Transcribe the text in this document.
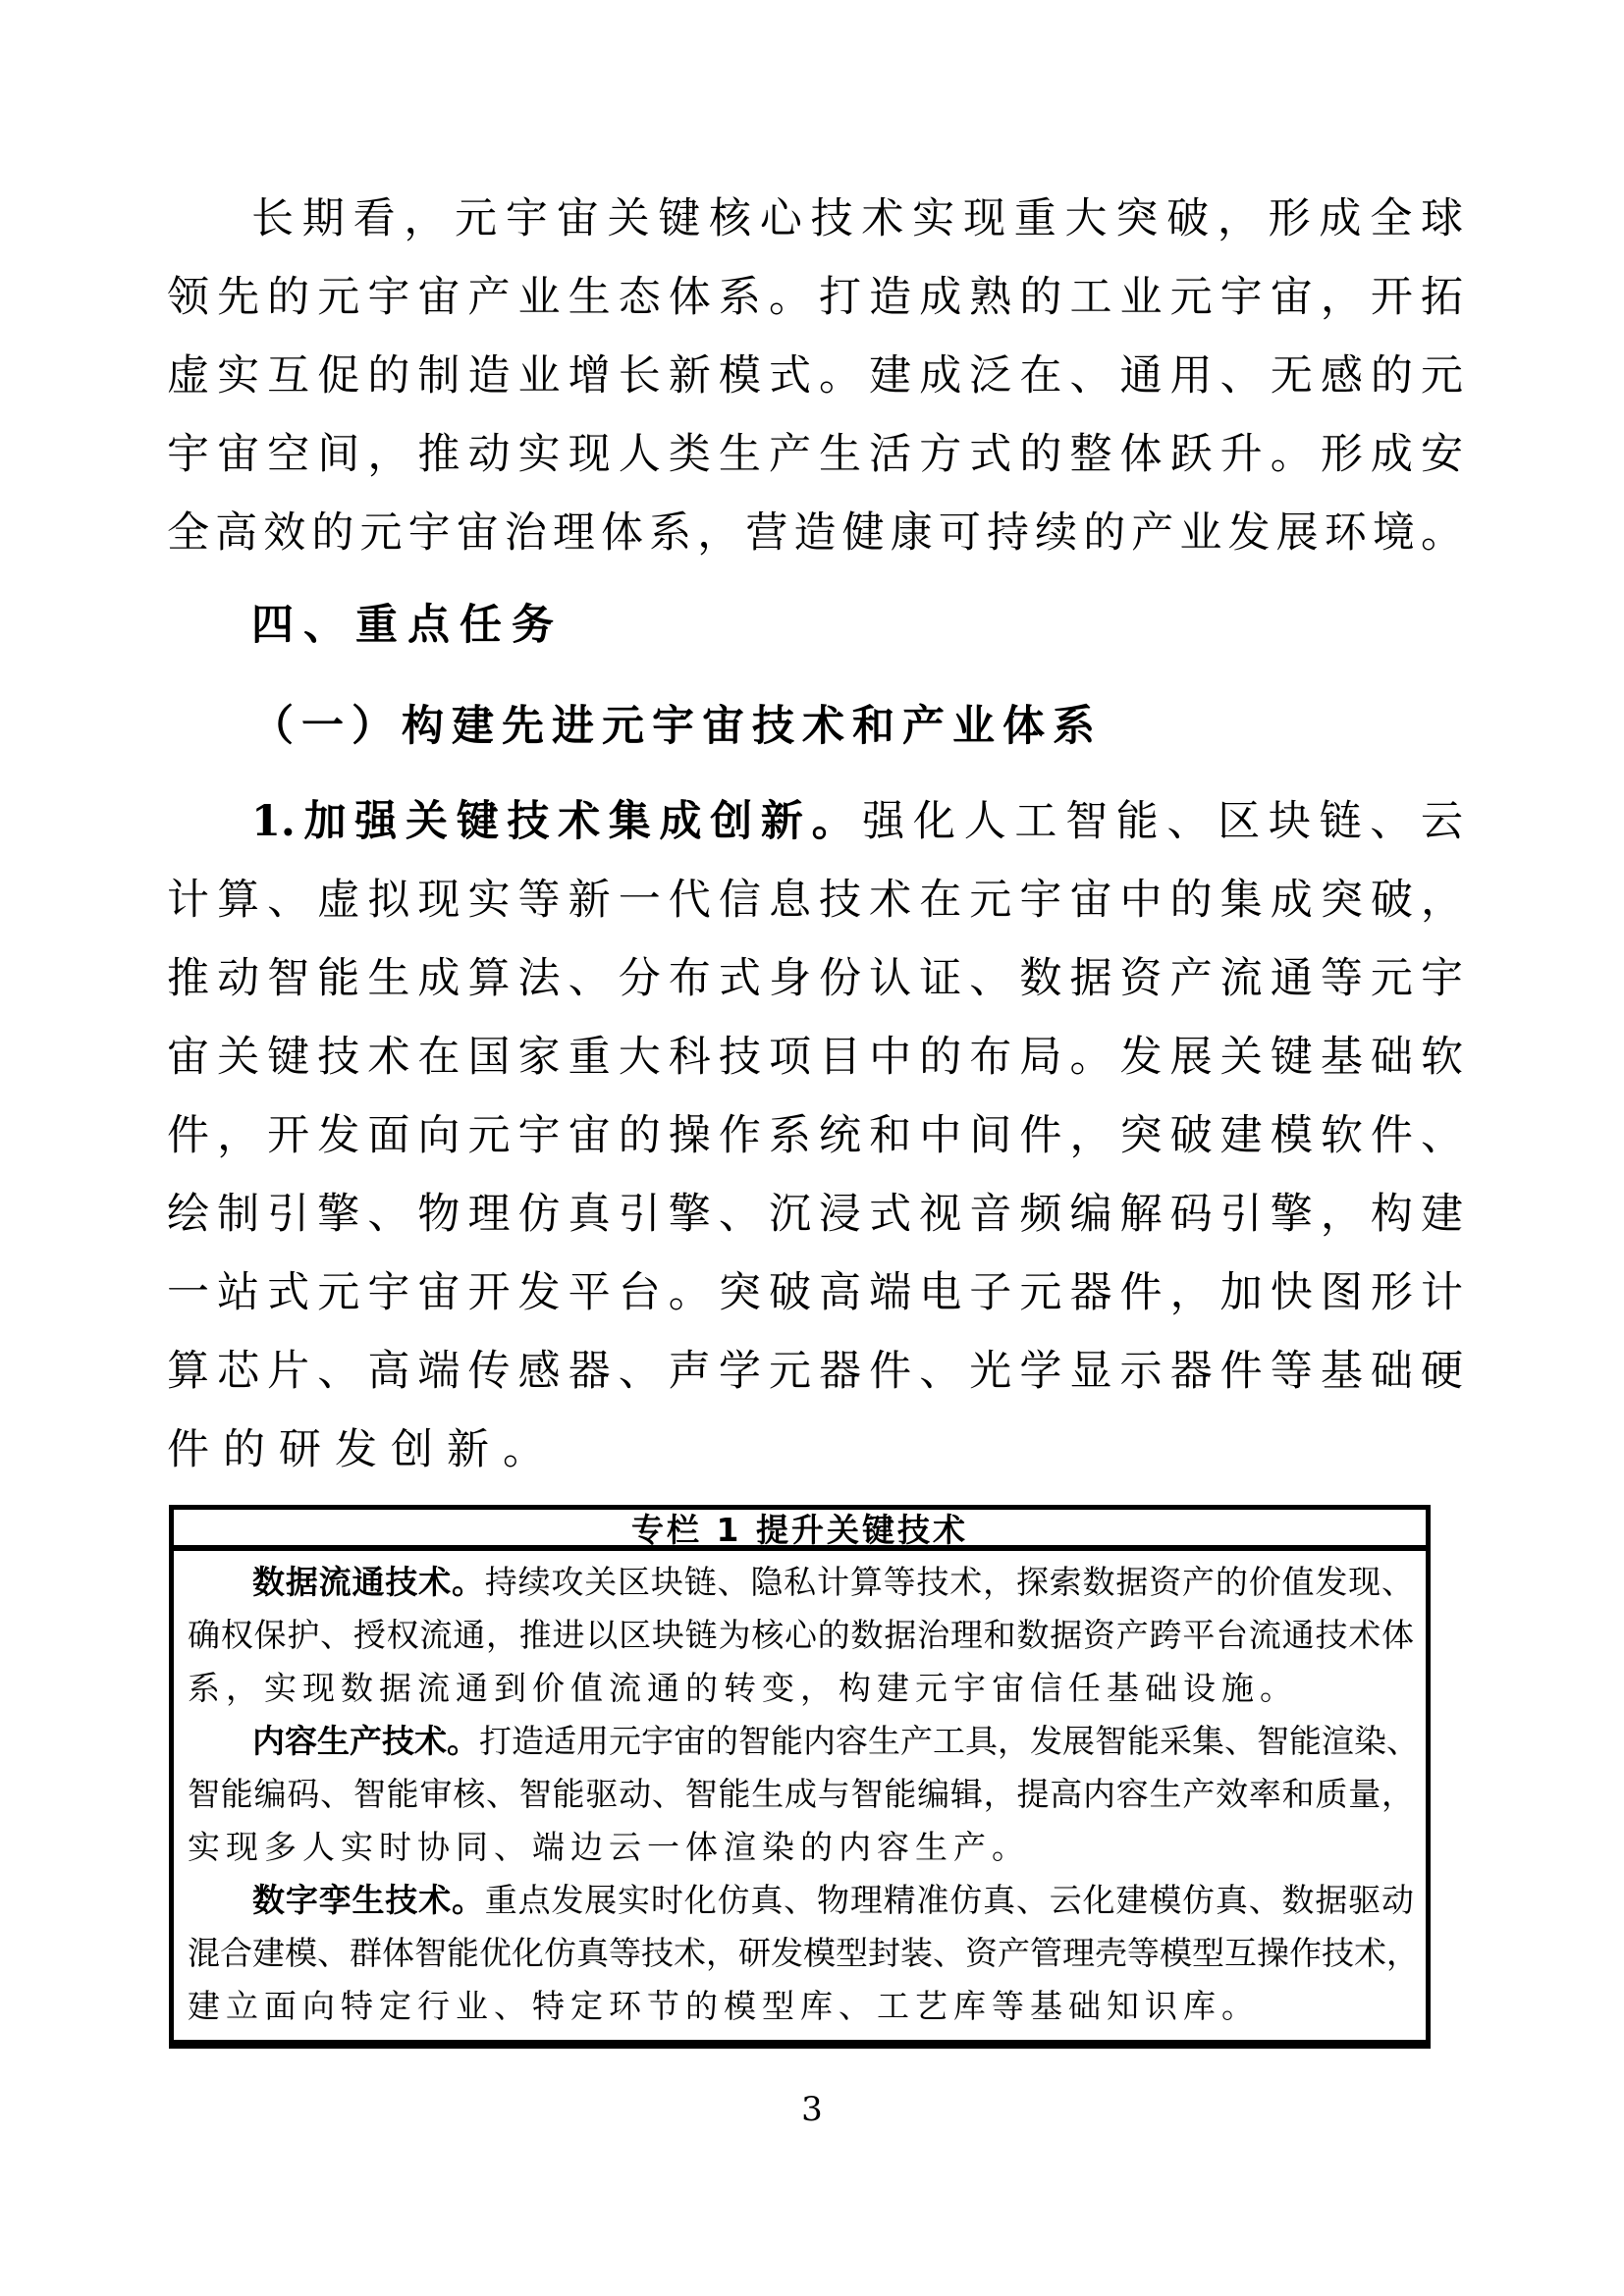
长期看，元宇宙关键核心技术实现重大突破，形成全球
领先的元宇宙产业生态体系。打造成熟的工业元宇宙，开拓
虚实互促的制造业增长新模式。建成泛在、通用、无感的元
宇宙空间，推动实现人类生产生活方式的整体跃升。形成安
全高效的元宇宙治理体系，营造健康可持续的产业发展环境。
四、重点任务
（一）构建先进元宇宙技术和产业体系
1.加强关键技术集成创新。强化人工智能、区块链、云
计算、虚拟现实等新一代信息技术在元宇宙中的集成突破，
推动智能生成算法、分布式身份认证、数据资产流通等元宇
宙关键技术在国家重大科技项目中的布局。发展关键基础软
件，开发面向元宇宙的操作系统和中间件，突破建模软件、
绘制引擎、物理仿真引擎、沉浸式视音频编解码引擎，构建
一站式元宇宙开发平台。突破高端电子元器件，加快图形计
算芯片、高端传感器、声学元器件、光学显示器件等基础硬
件的研发创新。
专栏 1 提升关键技术
数据流通技术。持续攻关区块链、隐私计算等技术，探索数据资产的价值发现、
确权保护、授权流通，推进以区块链为核心的数据治理和数据资产跨平台流通技术体
系，实现数据流通到价值流通的转变，构建元宇宙信任基础设施。
内容生产技术。打造适用元宇宙的智能内容生产工具，发展智能采集、智能渲染、
智能编码、智能审核、智能驱动、智能生成与智能编辑，提高内容生产效率和质量，
实现多人实时协同、端边云一体渲染的内容生产。
数字孪生技术。重点发展实时化仿真、物理精准仿真、云化建模仿真、数据驱动
混合建模、群体智能优化仿真等技术，研发模型封装、资产管理壳等模型互操作技术，
建立面向特定行业、特定环节的模型库、工艺库等基础知识库。
3
